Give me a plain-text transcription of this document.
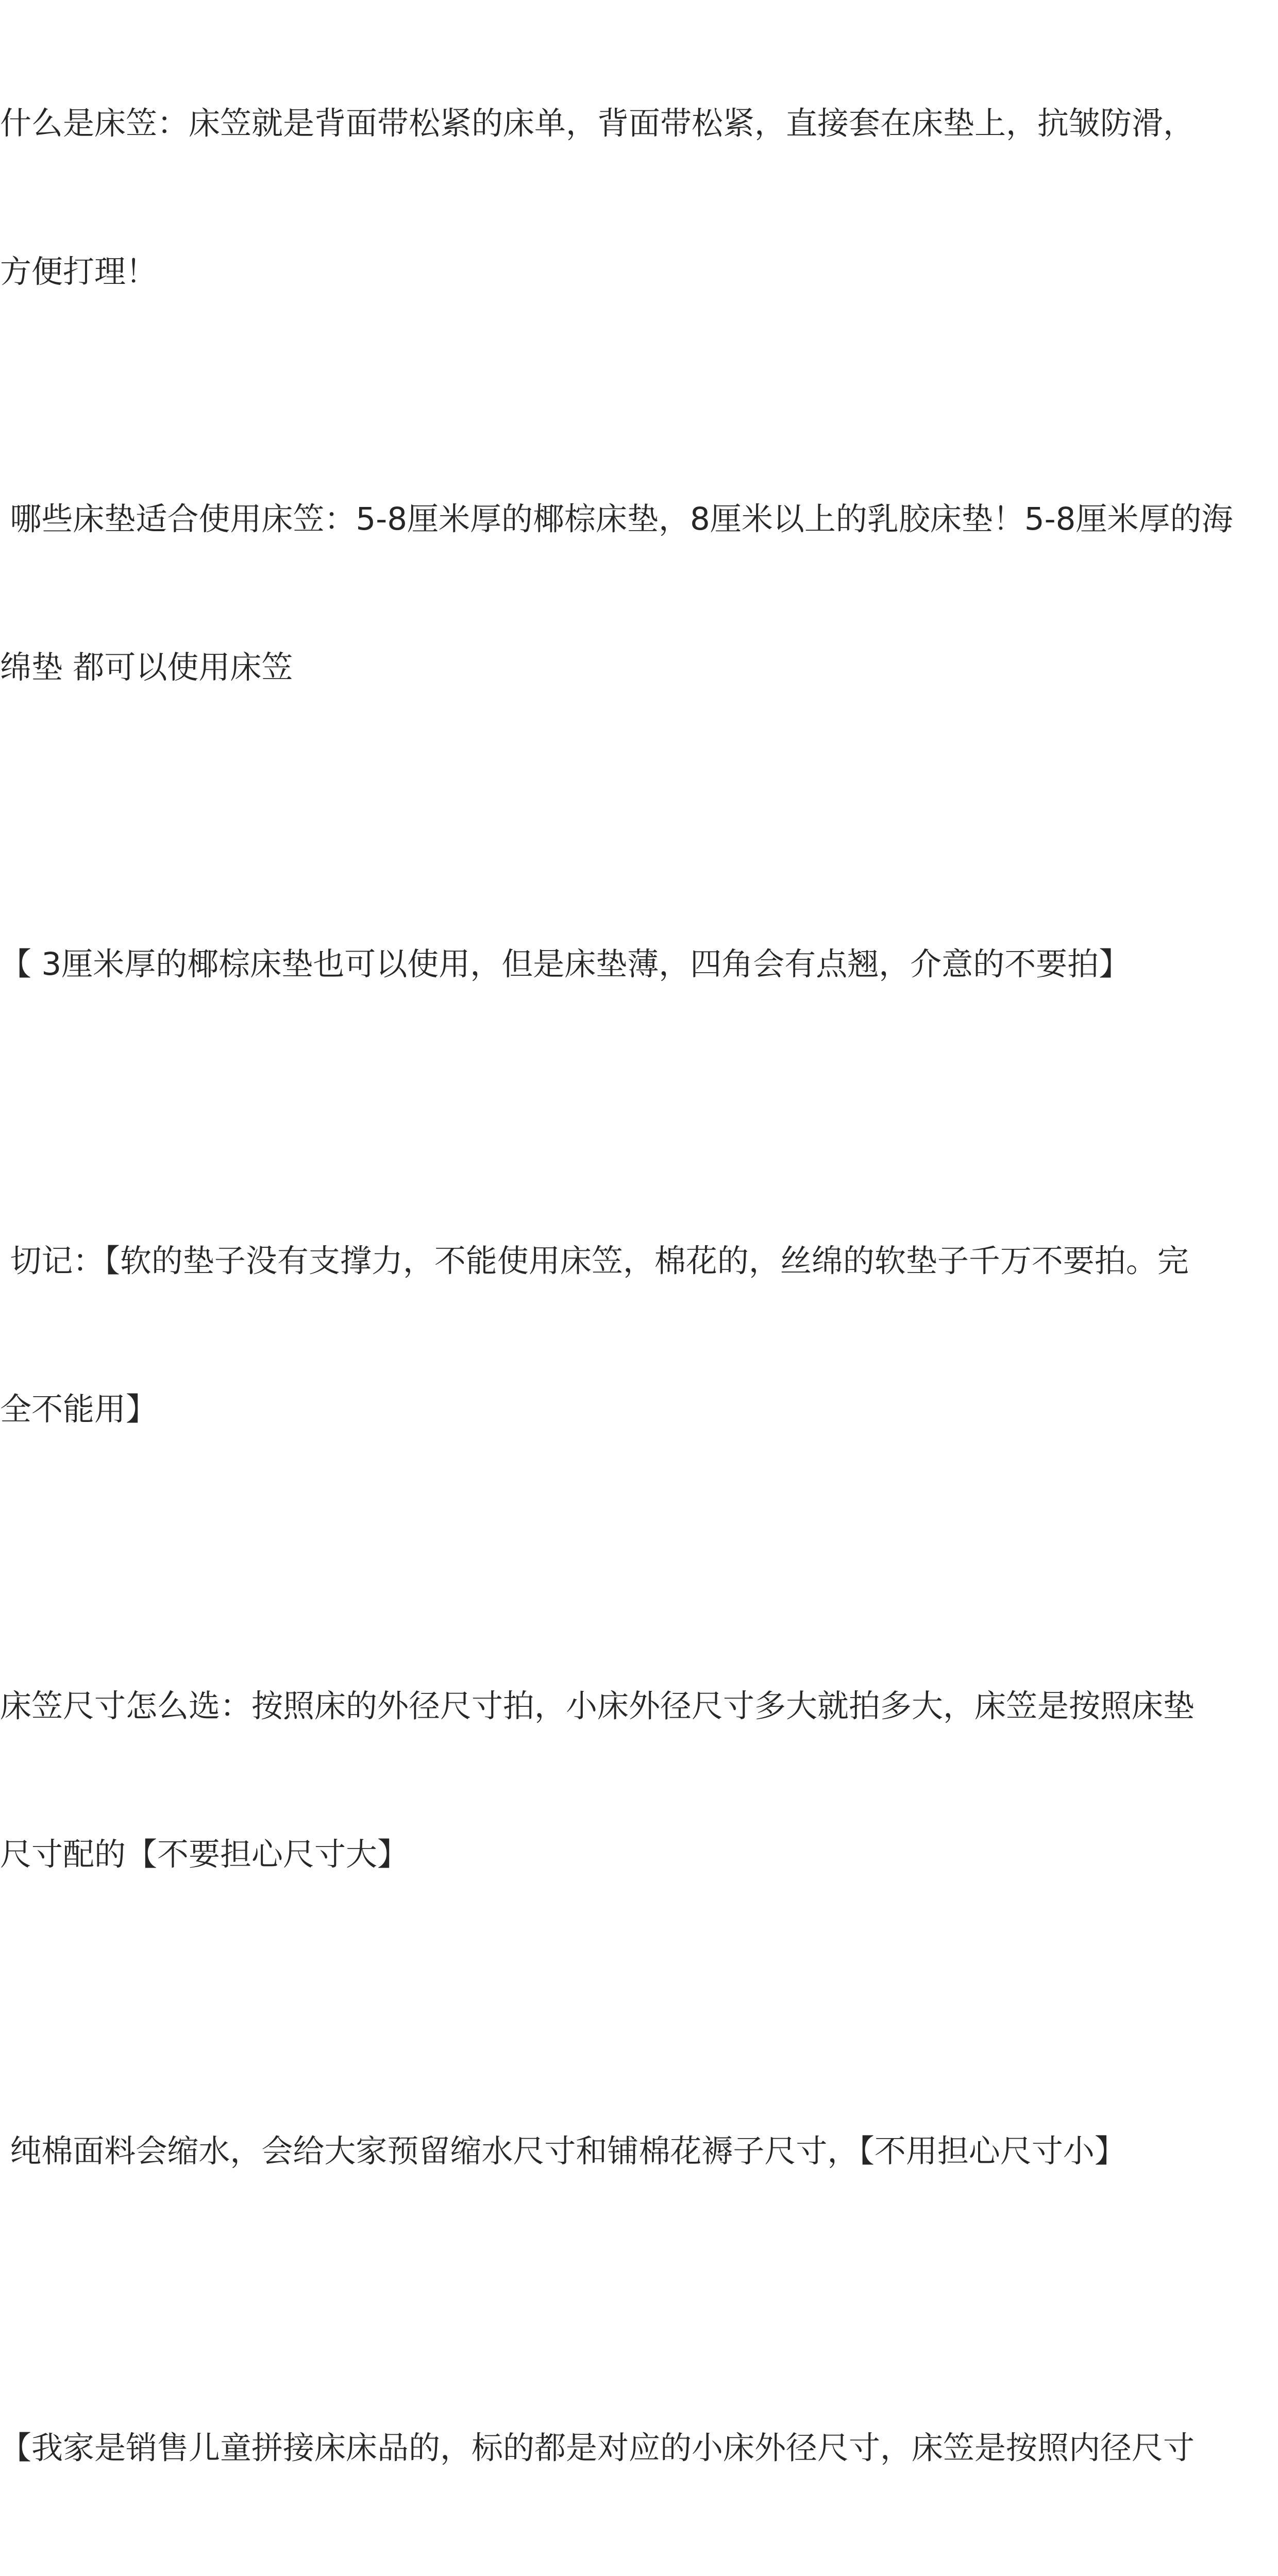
什么是床笠：床笠就是背面带松紧的床单，背面带松紧，直接套在床垫上，抗皱防滑，

方便打理！

哪些床垫适合使用床笠：5-8厘米厚的椰棕床垫，8厘米以上的乳胶床垫！5-8厘米厚的海

绵垫 都可以使用床笠

【 3厘米厚的椰棕床垫也可以使用，但是床垫薄，四角会有点翘，介意的不要拍】

切记：【软的垫子没有支撑力，不能使用床笠，棉花的，丝绵的软垫子千万不要拍。完

全不能用】

床笠尺寸怎么选：按照床的外径尺寸拍，小床外径尺寸多大就拍多大，床笠是按照床垫

尺寸配的【不要担心尺寸大】

纯棉面料会缩水，会给大家预留缩水尺寸和铺棉花褥子尺寸，【不用担心尺寸小】

【我家是销售儿童拼接床床品的，标的都是对应的小床外径尺寸，床笠是按照内径尺寸
